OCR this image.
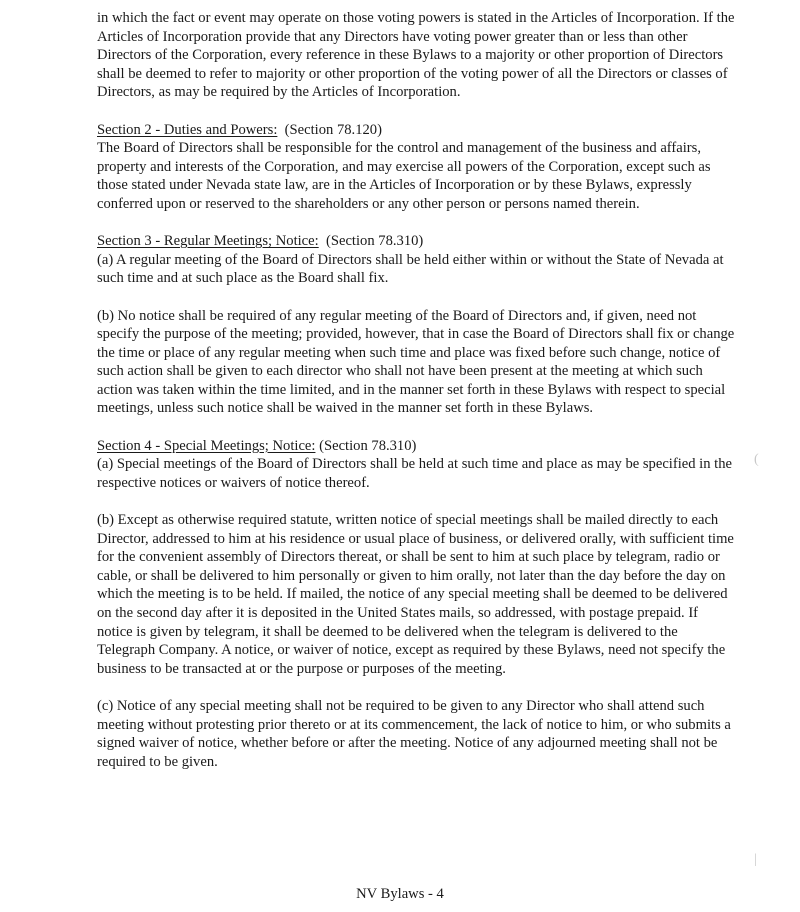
in which the fact or event may operate on those voting powers is stated in the Articles of Incorporation. If the Articles of Incorporation provide that any Directors have voting power greater than or less than other Directors of the Corporation, every reference in these Bylaws to a majority or other proportion of Directors shall be deemed to refer to majority or other proportion of the voting power of all the Directors or classes of Directors, as may be required by the Articles of Incorporation.

Section 2 - Duties and Powers: (Section 78.120)
The Board of Directors shall be responsible for the control and management of the business and affairs, property and interests of the Corporation, and may exercise all powers of the Corporation, except such as those stated under Nevada state law, are in the Articles of Incorporation or by these Bylaws, expressly conferred upon or reserved to the shareholders or any other person or persons named therein.

Section 3 - Regular Meetings; Notice: (Section 78.310)
(a) A regular meeting of the Board of Directors shall be held either within or without the State of Nevada at such time and at such place as the Board shall fix.

(b) No notice shall be required of any regular meeting of the Board of Directors and, if given, need not specify the purpose of the meeting; provided, however, that in case the Board of Directors shall fix or change the time or place of any regular meeting when such time and place was fixed before such change, notice of such action shall be given to each director who shall not have been present at the meeting at which such action was taken within the time limited, and in the manner set forth in these Bylaws with respect to special meetings, unless such notice shall be waived in the manner set forth in these Bylaws.

Section 4 - Special Meetings; Notice: (Section 78.310)
(a) Special meetings of the Board of Directors shall be held at such time and place as may be specified in the respective notices or waivers of notice thereof.

(b) Except as otherwise required statute, written notice of special meetings shall be mailed directly to each Director, addressed to him at his residence or usual place of business, or delivered orally, with sufficient time for the convenient assembly of Directors thereat, or shall be sent to him at such place by telegram, radio or cable, or shall be delivered to him personally or given to him orally, not later than the day before the day on which the meeting is to be held. If mailed, the notice of any special meeting shall be deemed to be delivered on the second day after it is deposited in the United States mails, so addressed, with postage prepaid. If notice is given by telegram, it shall be deemed to be delivered when the telegram is delivered to the Telegraph Company. A notice, or waiver of notice, except as required by these Bylaws, need not specify the business to be transacted at or the purpose or purposes of the meeting.

(c) Notice of any special meeting shall not be required to be given to any Director who shall attend such meeting without protesting prior thereto or at its commencement, the lack of notice to him, or who submits a signed waiver of notice, whether before or after the meeting. Notice of any adjourned meeting shall not be required to be given.

(
|
NV Bylaws - 4
